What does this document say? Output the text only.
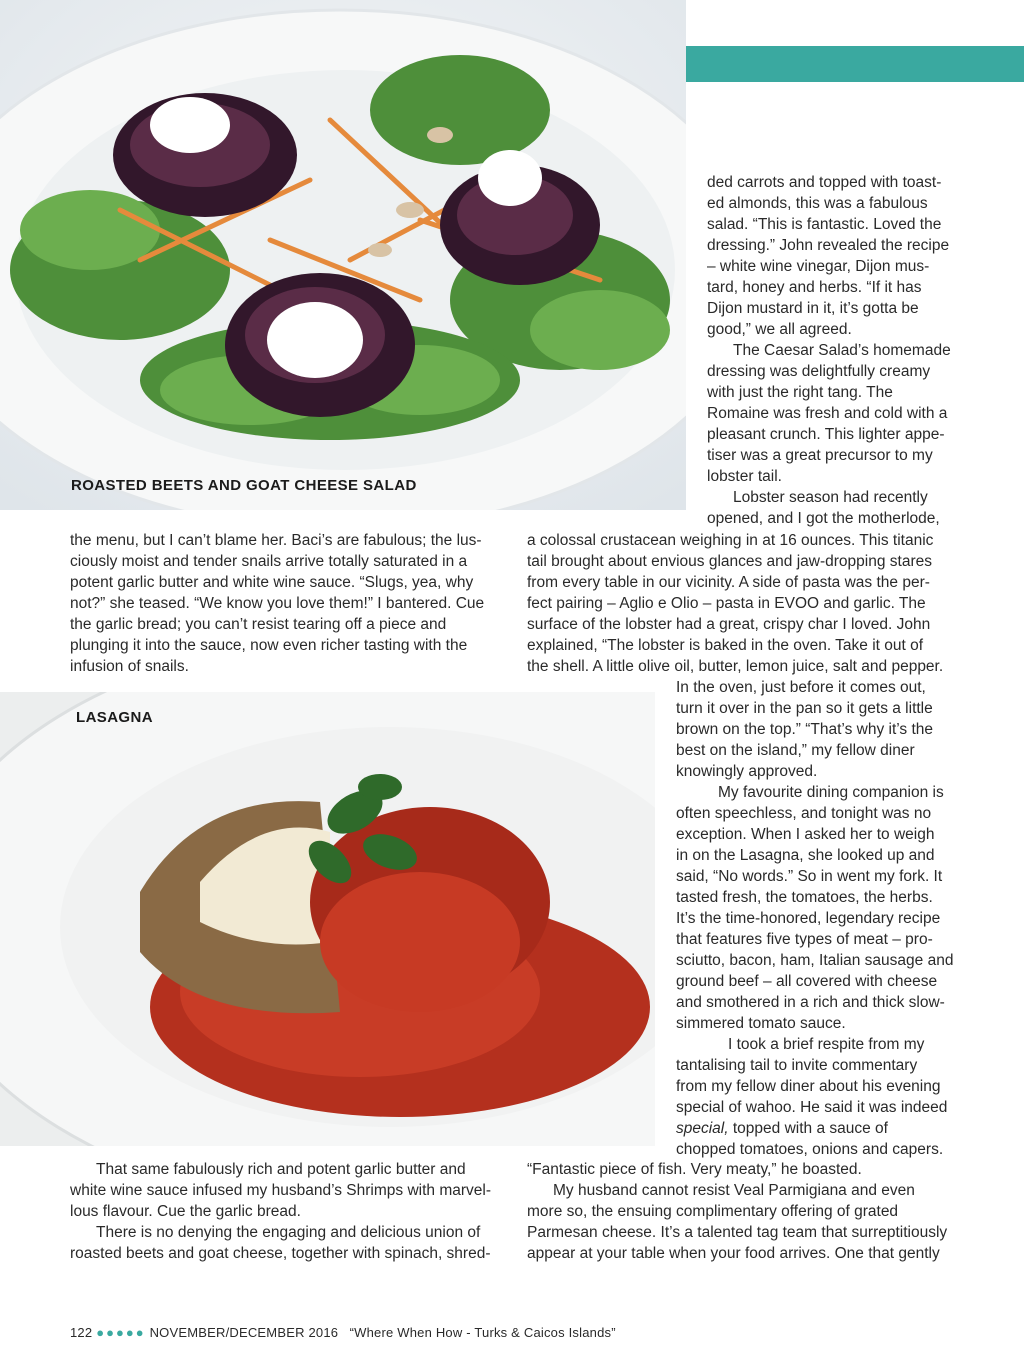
ROASTED BEETS AND GOAT CHEESE SALAD
LASAGNA
ded carrots and topped with toast-
ed almonds, this was a fabulous
salad. “This is fantastic. Loved the
dressing.” John revealed the recipe
– white wine vinegar, Dijon mus-
tard, honey and herbs. “If it has
Dijon mustard in it, it’s gotta be
good,” we all agreed.
The Caesar Salad’s homemade
dressing was delightfully creamy
with just the right tang. The
Romaine was fresh and cold with a
pleasant crunch. This lighter appe-
tiser was a great precursor to my
lobster tail.
Lobster season had recently
opened, and I got the motherlode,
the menu, but I can’t blame her. Baci’s are fabulous; the lus-
ciously moist and tender snails arrive totally saturated in a
potent garlic butter and white wine sauce. “Slugs, yea, why
not?” she teased. “We know you love them!” I bantered. Cue
the garlic bread; you can’t resist tearing off a piece and
plunging it into the sauce, now even richer tasting with the
infusion of snails.
a colossal crustacean weighing in at 16 ounces. This titanic
tail brought about envious glances and jaw-dropping stares
from every table in our vicinity. A side of pasta was the per-
fect pairing – Aglio e Olio – pasta in EVOO and garlic. The
surface of the lobster had a great, crispy char I loved. John
explained, “The lobster is baked in the oven. Take it out of
the shell. A little olive oil, butter, lemon juice, salt and pepper.
In the oven, just before it comes out,
turn it over in the pan so it gets a little
brown on the top.” “That’s why it’s the
best on the island,” my fellow diner
knowingly approved.
My favourite dining companion is
often speechless, and tonight was no
exception. When I asked her to weigh
in on the Lasagna, she looked up and
said, “No words.” So in went my fork. It
tasted fresh, the tomatoes, the herbs.
It’s the time-honored, legendary recipe
that features five types of meat – pro-
sciutto, bacon, ham, Italian sausage and
ground beef – all covered with cheese
and smothered in a rich and thick slow-
simmered tomato sauce.
I took a brief respite from my
tantalising tail to invite commentary
from my fellow diner about his evening
special of wahoo. He said it was indeed
special, topped with a sauce of
chopped tomatoes, onions and capers.
“Fantastic piece of fish. Very meaty,” he boasted.
My husband cannot resist Veal Parmigiana and even
more so, the ensuing complimentary offering of grated
Parmesan cheese. It’s a talented tag team that surreptitiously
appear at your table when your food arrives. One that gently
That same fabulously rich and potent garlic butter and
white wine sauce infused my husband’s Shrimps with marvel-
lous flavour. Cue the garlic bread.
There is no denying the engaging and delicious union of
roasted beets and goat cheese, together with spinach, shred-
122 ●●●●● NOVEMBER/DECEMBER 2016 “Where When How - Turks & Caicos Islands”
